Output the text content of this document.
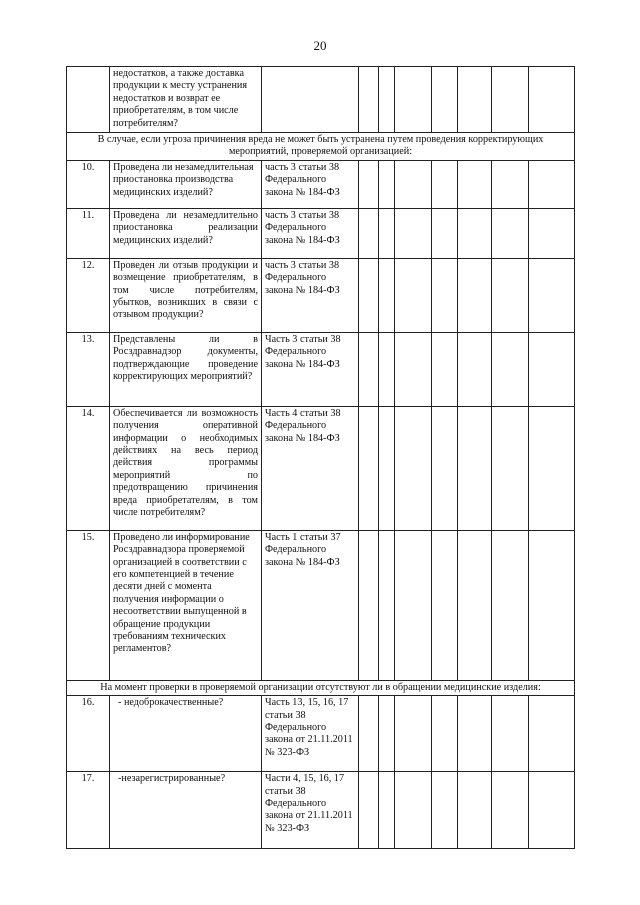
20
	недостатков, а также доставка продукции к месту устранения недостатков и возврат ее приобретателям, в том числе потребителям?								
В случае, если угроза причинения вреда не может быть устранена путем проведения корректирующих мероприятий, проверяемой организацией:									
10.	Проведена ли незамедлительная приостановка производства медицинских изделий?	часть 3 статьи 38 Федерального закона № 184-ФЗ							
11.	Проведена ли незамедлительно приостановка реализации медицинских изделий?	часть 3 статьи 38 Федерального закона № 184-ФЗ							
12.	Проведен ли отзыв продукции и возмещение приобретателям, в том числе потребителям, убытков, возникших в связи с отзывом продукции?	часть 3 статьи 38 Федерального закона № 184-ФЗ							
13.	Представлены ли в Росздравнадзор документы, подтверждающие проведение корректирующих мероприятий?	Часть 3 статьи 38 Федерального закона № 184-ФЗ							
14.	Обеспечивается ли возможность получения оперативной информации о необходимых действиях на весь период действия программы мероприятий по предотвращению причинения вреда приобретателям, в том числе потребителям?	Часть 4 статьи 38 Федерального закона № 184-ФЗ							
15.	Проведено ли информирование Росздравнадзора проверяемой организацией в соответствии с его компетенцией в течение десяти дней с момента получения информации о несоответствии выпущенной в обращение продукции требованиям технических регламентов?	Часть 1 статьи 37 Федерального закона № 184-ФЗ							
На момент проверки в проверяемой организации отсутствуют ли в обращении медицинские изделия:									
16.	- недоброкачественные?	Часть 13, 15, 16, 17 статьи 38 Федерального закона от 21.11.2011 № 323-ФЗ							
17.	-незарегистрированные?	Части 4, 15, 16, 17 статьи 38 Федерального закона от 21.11.2011 № 323-ФЗ							
